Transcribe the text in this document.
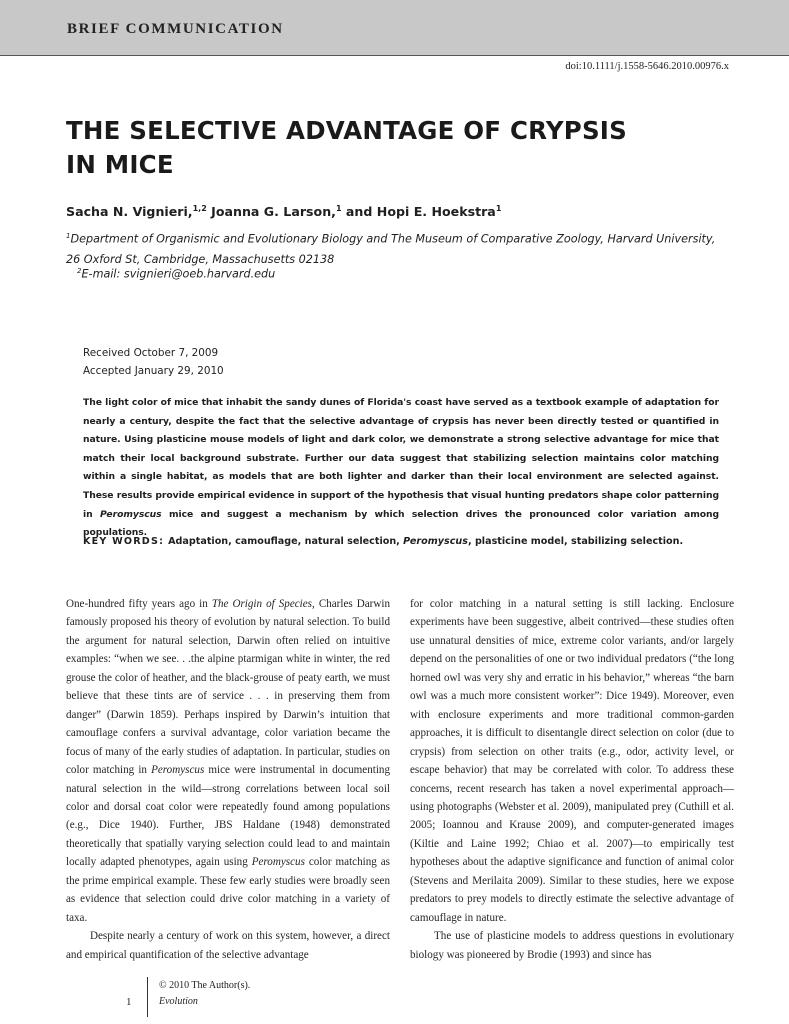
BRIEF COMMUNICATION
doi:10.1111/j.1558-5646.2010.00976.x
THE SELECTIVE ADVANTAGE OF CRYPSIS
IN MICE
Sacha N. Vignieri,$^{1,2}$ Joanna G. Larson,$^1$ and Hopi E. Hoekstra$^1$
$^1$Department of Organismic and Evolutionary Biology and The Museum of Comparative Zoology, Harvard University,
26 Oxford St, Cambridge, Massachusetts 02138
$^2$E-mail: svignieri@oeb.harvard.edu
Received October 7, 2009
Accepted January 29, 2010

The light color of mice that inhabit the sandy dunes of Florida's coast have served as a textbook example of adaptation for nearly a century, despite the fact that the selective advantage of crypsis has never been directly tested or quantified in nature. Using plasticine mouse models of light and dark color, we demonstrate a strong selective advantage for mice that match their local background substrate. Further our data suggest that stabilizing selection maintains color matching within a single habitat, as models that are both lighter and darker than their local environment are selected against. These results provide empirical evidence in support of the hypothesis that visual hunting predators shape color patterning in Peromyscus mice and suggest a mechanism by which selection drives the pronounced color variation among populations.

KEY WORDS: Adaptation, camouflage, natural selection, Peromyscus, plasticine model, stabilizing selection.

One-hundred fifty years ago in The Origin of Species, Charles Darwin famously proposed his theory of evolution by natural selection. To build the argument for natural selection, Darwin often relied on intuitive examples: “when we see. . .the alpine ptarmigan white in winter, the red grouse the color of heather, and the black-grouse of peaty earth, we must believe that these tints are of service . . . in preserving them from danger” (Darwin 1859). Perhaps inspired by Darwin’s intuition that camouflage confers a survival advantage, color variation became the focus of many of the early studies of adaptation. In particular, studies on color matching in Peromyscus mice were instrumental in documenting natural selection in the wild—strong correlations between local soil color and dorsal coat color were repeatedly found among populations (e.g., Dice 1940). Further, JBS Haldane (1948) demonstrated theoretically that spatially varying selection could lead to and maintain locally adapted phenotypes, again using Peromyscus color matching as the prime empirical example. These few early studies were broadly seen as evidence that selection could drive color matching in a variety of taxa.

Despite nearly a century of work on this system, however, a direct and empirical quantification of the selective advantage

for color matching in a natural setting is still lacking. Enclosure experiments have been suggestive, albeit contrived—these studies often use unnatural densities of mice, extreme color variants, and/or largely depend on the personalities of one or two individual predators (“the long horned owl was very shy and erratic in his behavior,” whereas “the barn owl was a much more consistent worker”: Dice 1949). Moreover, even with enclosure experiments and more traditional common-garden approaches, it is difficult to disentangle direct selection on color (due to crypsis) from selection on other traits (e.g., odor, activity level, or escape behavior) that may be correlated with color. To address these concerns, recent research has taken a novel experimental approach—using photographs (Webster et al. 2009), manipulated prey (Cuthill et al. 2005; Ioannou and Krause 2009), and computer-generated images (Kiltie and Laine 1992; Chiao et al. 2007)—to empirically test hypotheses about the adaptive significance and function of animal color (Stevens and Merilaita 2009). Similar to these studies, here we expose predators to prey models to directly estimate the selective advantage of camouflage in nature.

The use of plasticine models to address questions in evolutionary biology was pioneered by Brodie (1993) and since has

1
© 2010 The Author(s).
Evolution
